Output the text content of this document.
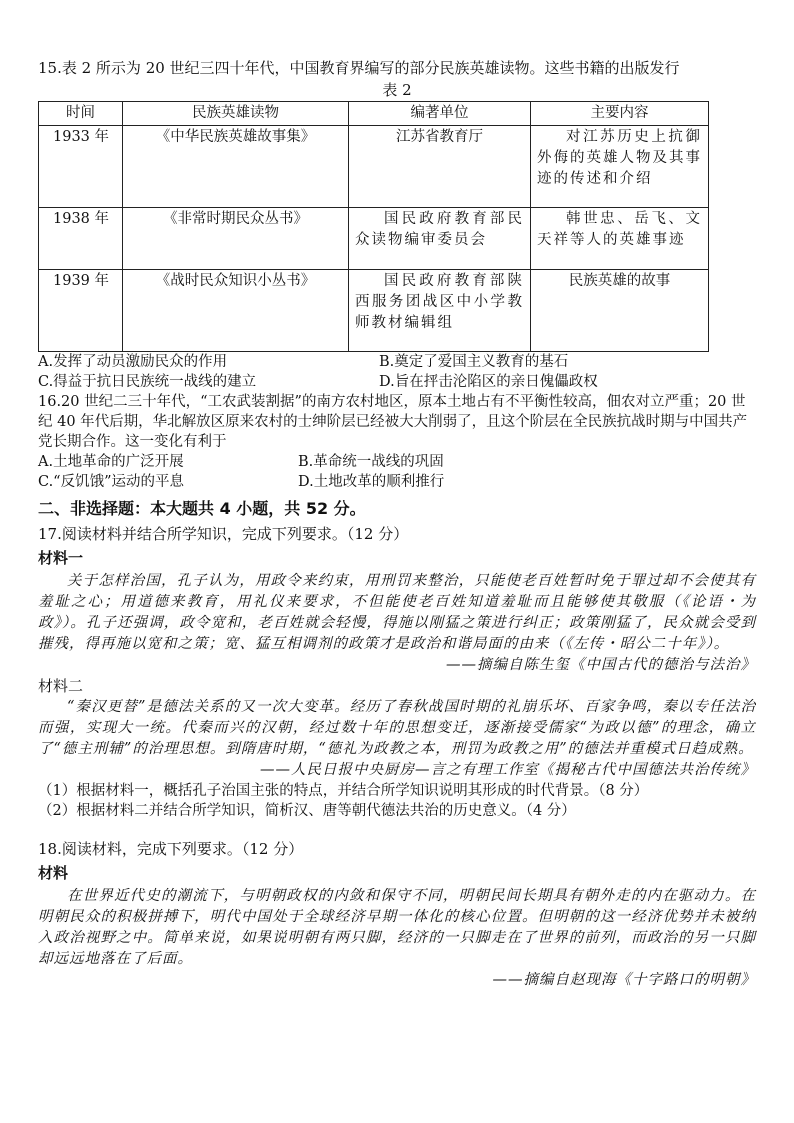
15.表 2 所示为 20 世纪三四十年代，中国教育界编写的部分民族英雄读物。这些书籍的出版发行

表 2

时间	民族英雄读物	编著单位	主要内容
1933 年	《中华民族英雄故事集》	江苏省教育厅	对江苏历史上抗御外侮的英雄人物及其事迹的传述和介绍
1938 年	《非常时期民众丛书》	国民政府教育部民众读物编审委员会	韩世忠、岳飞、文天祥等人的英雄事迹
1939 年	《战时民众知识小丛书》	国民政府教育部陕西服务团战区中小学教师教材编辑组	民族英雄的故事
A.发挥了动员激励民众的作用	B.奠定了爱国主义教育的基石
C.得益于抗日民族统一战线的建立	D.旨在抨击沦陷区的亲日傀儡政权

16.20 世纪二三十年代，“工农武装割据”的南方农村地区，原本土地占有不平衡性较高，佃农对立严重；20 世纪 40 年代后期，华北解放区原来农村的士绅阶层已经被大大削弱了，且这个阶层在全民族抗战时期与中国共产党长期合作。这一变化有利于

A.土地革命的广泛开展	B.革命统一战线的巩固
C.“反饥饿”运动的平息	D.土地改革的顺利推行

二、非选择题：本大题共 4 小题，共 52 分。

17.阅读材料并结合所学知识，完成下列要求。（12 分）

材料一

关于怎样治国，孔子认为，用政令来约束，用刑罚来整治，只能使老百姓暂时免于罪过却不会使其有羞耻之心；用道德来教育，用礼仪来要求，不但能使老百姓知道羞耻而且能够使其敬服（《论语・为政》）。孔子还强调，政令宽和，老百姓就会轻慢，得施以刚猛之策进行纠正；政策刚猛了，民众就会受到摧残，得再施以宽和之策；宽、猛互相调剂的政策才是政治和谐局面的由来（《左传・昭公二十年》）。

——摘编自陈生玺《中国古代的德治与法治》

材料二

“秦汉更替”是德法关系的又一次大变革。经历了春秋战国时期的礼崩乐坏、百家争鸣，秦以专任法治而强，实现大一统。代秦而兴的汉朝，经过数十年的思想变迁，逐渐接受儒家“为政以德”的理念，确立了“德主刑辅”的治理思想。到隋唐时期，“德礼为政教之本，刑罚为政教之用”的德法并重模式日趋成熟。

——人民日报中央厨房—言之有理工作室《揭秘古代中国德法共治传统》

（1）根据材料一，概括孔子治国主张的特点，并结合所学知识说明其形成的时代背景。（8 分）

（2）根据材料二并结合所学知识，简析汉、唐等朝代德法共治的历史意义。（4 分）

18.阅读材料，完成下列要求。（12 分）

材料

在世界近代史的潮流下，与明朝政权的内敛和保守不同，明朝民间长期具有朝外走的内在驱动力。在明朝民众的积极拼搏下，明代中国处于全球经济早期一体化的核心位置。但明朝的这一经济优势并未被纳入政治视野之中。简单来说，如果说明朝有两只脚，经济的一只脚走在了世界的前列，而政治的另一只脚却远远地落在了后面。

——摘编自赵现海《十字路口的明朝》
